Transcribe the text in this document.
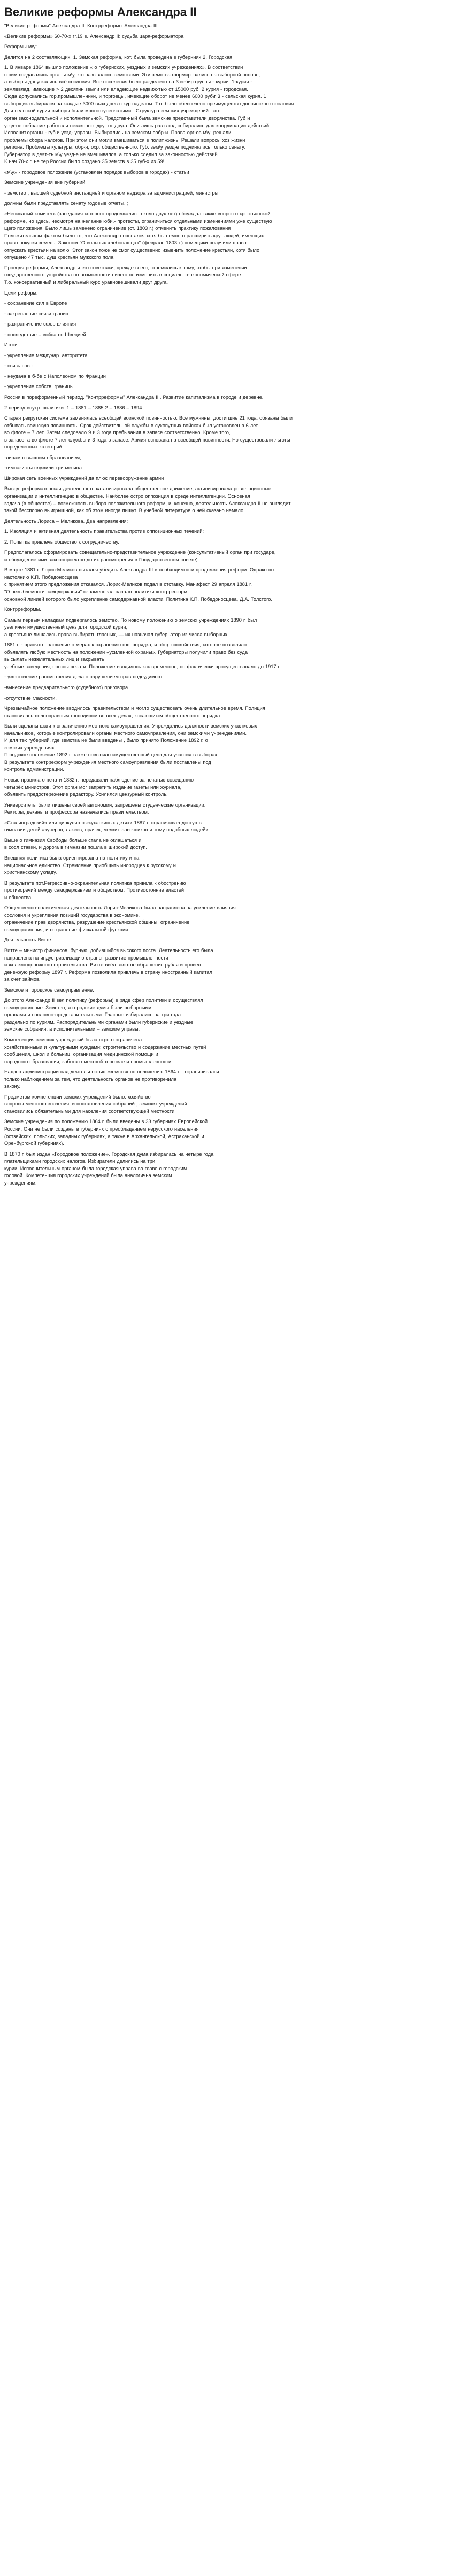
Великие реформы Александра II

"Великие реформы" Александра II. Контрреформы Александра III.

«Великие реформы» 60-70-х гг.19 в. Александр II: судьба царя-реформатора

Реформы м\у:

Делится на 2 составляющих: 1. Земская реформа, кот. была проведена в губерниях 2. Городская

1. В январе 1864 вышло положение « о губернских, уездных и земских учреждениях». В соответствии

с ним создавались органы м\у, кот.называлось земствами. Эти земства формировались на выборной основе,

а выборы допускались всё сословия. Все населения было разделено на 3 избир.группы - курии. 1-курия -

землевлад, имеющие > 2 десятин земли или владеющие недвиж-тью от 15000 руб. 2 курия - городская.

Сюда допускались гор.промышленники, и торговцы, имеющие оборот не менее 6000 руб\г 3 - сельская курия. 1

выборщик выбирался на каждые 3000 выходцев с кур.наделом. Т.о. было обеспечено преимущество дворянского сословия.

Для сельской курии выборы были многоступенчатыми . Структура земских учреждений : это

орган законодательной и исполнительной. Представ-ный была земские представители дворянства. Губ и

уезд-ое собрание работали незаконно: друг от друга. Они лишь раз в год собирались для координации действий.

Исполнит.органы - губ.и уезд- управы. Выбирались на земском собр-и. Права орг-ов м\у: решали

проблемы сбора налогов. При этом они могли вмешиваться в полит.жизнь. Решали вопросы хоз жизни

региона. Проблемы культуры, обр-я, охр. общественного. Губ. зем\у уезд-е подчинялись только сенату.

Губернатор в деят-ть м\у уезд-е не вмешивался, а только следил за законностью действий.

К нач 70-х г. не тер.России было создано 35 земств в 35 губ-х из 59!

«м\у» - городовое положение (установлен порядок выборов в городах) - статьи

Земские учреждения вне губерний

- земство , высшей судебной инстанцией и органом надзора за администрацией; министры

должны были представлять сенату годовые отчеты. ;

«Неписаный комитет» (заседания которого продолжались около двух лет) обсуждал также вопрос о крестьянской

реформе, но здесь, несмотря на желание юби.- протесты, ограничиться отдельными изменениями уже существую

щего положения. Было лишь заменено ограничение (ст. 1803 г.) отменить практику пожалования

Положительным фактом было то, что Александр попытался хотя бы немного расширить круг людей, имеющих

право покупки земель. Законом "О вольных хлебопашцах" (февраль 1803 г.) помещики получили право

отпускать крестьян на волю. Этот закон тоже не смог существенно изменить положение крестьян, хотя было

отпущено 47 тыс. душ крестьян мужского пола.

Проводя реформы, Александр и его советники, прежде всего, стремились к тому, чтобы при изменении

государственного устройства по возможности ничего не изменить в социально-экономической сфере.

Т.о. консервативный и либеральный курс уравновешивали друг друга.

Цели реформ:

- сохранение сил в Европе

- закрепление связи границ

- разграничение сфер влияния

- последствие – война со Швецией

Итоги:

- укрепление междунар. авторитета

- связь сово

- неудача в б-бе с Наполеоном по Франции

- укрепление собств. границы

Россия в пореформенный период. "Контрреформы" Александра III. Развитие капитализма в городе и деревне.

2 период внутр. политики: 1 – 1881 – 1885 2 – 1886 – 1894

Старая рекрутская система заменялась всеобщей воинской повинностью. Все мужчины, достигшие 21 года, обязаны были

отбывать воинскую повинность. Срок действительной службы в сухопутных войсках был установлен в 6 лет,

во флоте – 7 лет. Затем следовало 9 и 3 года пребывания в запасе соответственно. Кроме того,

в запасе, а во флоте 7 лет службы и 3 года в запасе. Армия основана на всеобщей повинности. Но существовали льготы

определенных категорий:

-лицам с высшим образованием;

-гимназисты служили три месяца.

Широкая сеть военных учреждений да плюс перевооружение армии

Вывод: реформаторская деятельность катализировала общественное движение, активизировала революционные

организации и интеллигенцию в обществе. Наиболее остро оппозиция в среде интеллигенции. Основная

задача (в обществе) – возможность выбора положительного реформ, и, конечно, деятельность Александра II не выглядит

такой бесспорно выигрышной, как об этом иногда пишут. В учебной литературе о ней сказано немало

Деятельность Лориса – Меликова. Два направления:

1. Изоляция и активная деятельность правительства против оппозиционных течений;

2. Попытка привлечь общество к сотрудничеству.

Предполагалось сформировать совещательно-представительное учреждение (консультативный орган при государе,

и обсуждение ими законопроектов до их рассмотрения в Государственном совете).

В марте 1881 г. Лорис-Меликов пытался убедить Александра III в необходимости продолжения реформ. Однако по

настоянию К.П. Победоносцева

с принятием этого предложения отказался. Лорис-Меликов подал в отставку. Манифест 29 апреля 1881 г.

"О незыблемости самодержавия" ознаменовал начало политики контрреформ

основной линией которого было укрепление самодержавной власти. Политика К.П. Победоносцева, Д.А. Толстого.

Контрреформы.

Самым первым нападкам подвергалось земство. По новому положению о земских учреждениях 1890 г. был

увеличен имущественный ценз для городской курии,

а крестьяне лишались права выбирать гласных, — их назначал губернатор из числа выборных

1881 г. - принято положение о мерах к охранению гос. порядка, и общ. спокойствия, которое позволяло

объявлять любую местность на положении «усиленной охраны». Губернаторы получили право без суда

высылать нежелательных лиц и закрывать

учебные заведения, органы печати. Положение вводилось как временное, но фактически просуществовало до 1917 г.

- ужесточение рассмотрения дела с нарушением прав подсудимого

-вынесение предварительного (судебного) приговора

-отсутствие гласности.

Чрезвычайное положение вводилось правительством и могло существовать очень длительное время. Полиция

становилась полноправным господином во всех делах, касающихся общественного порядка.

Были сделаны шаги к ограничению местного самоуправления. Учреждались должности земских участковых

начальников, которые контролировали органы местного самоуправления, они земскими учреждениями.

И для тех губерний, где земства не были введены , было принято Положение 1892 г. о

земских учреждениях.

Городское положение 1892 г. также повысило имущественный ценз для участия в выборах.

В результате контрреформ учреждения местного самоуправления были поставлены под

контроль администрации.

Новые правила о печати 1882 г. передавали наблюдение за печатью совещанию

четырёх министров. Этот орган мог запретить издание газеты или журнала,

объявить предостережение редактору. Усилился цензурный контроль.

Университеты были лишены своей автономии, запрещены студенческие организации.

Ректоры, деканы и профессора назначались правительством.

«Сталинградский» или циркуляр о «кухаркиных детях» 1887 г. ограничивал доступ в

гимназии детей «кучеров, лакеев, прачек, мелких лавочников и тому подобных людей».

Выше о гимназия Свободы больше стала не оглашаться и

в сосл ставки, и дорога в гимназии пошла в широкий доступ.

Внешняя политика была ориентирована на политику и на

национальное единство. Стремление приобщить инородцев к русскому и

христианскому укладу.

В результате пот.Регрессивно-охранительная политика привела к обострению

противоречий между самодержавием и обществом. Противостояние властей

и общества.

Общественно-политическая деятельность Лорис-Меликова была направлена на усиление влияния

сословия и укрепления позиций государства в экономике,

ограничение прав дворянства, разрушение крестьянской общины, ограничение

самоуправления, и сохранение фискальной функции

Деятельность Витте.

Витте – министр финансов, бурную, добившийся высокого поста. Деятельность его была

направлена на индустриализацию страны, развитие промышленности

и железнодорожного строительства. Витте ввёл золотое обращение рубля и провел

денежную реформу 1897 г. Реформа позволила привлечь в страну иностранный капитал

за счет займов.

Земское и городское самоуправление.

До этого Александр II вел политику (реформы) в ряде сфер политики и осуществлял

самоуправление. Земство, и городские думы были выборными

органами и сословно-представительными. Гласные избирались на три года

раздельно по куриям. Распорядительными органами были губернские и уездные

земские собрания, а исполнительными – земские управы.

Компетенция земских учреждений была строго ограничена

хозяйственными и культурными нуждами: строительство и содержание местных путей

сообщения, школ и больниц, организация медицинской помощи и

народного образования, забота о местной торговле и промышленности.

Надзор администрации над деятельностью «земств» по положению 1864 г. : ограничивался

только наблюдением за тем, что деятельность органов не противоречила

закону.

Предметом компетенции земских учреждений было: хозяйство

вопросы местного значения, и постановления собраний , земских учреждений

становились обязательными для населения соответствующей местности.

Земские учреждения по положению 1864 г. были введены в 33 губерниях Европейской

России. Они не были созданы в губерниях с преобладанием нерусского населения

(остзейских, польских, западных губерниях, а также в Архангельской, Астраханской и

Оренбургской губерниях).

В 1870 г. был издан «Городовое положение». Городская дума избиралась на четыре года

плательщиками городских налогов. Избиратели делились на три

курии. Исполнительным органом была городская управа во главе с городским

головой. Компетенция городских учреждений была аналогична земским

учреждениям.
